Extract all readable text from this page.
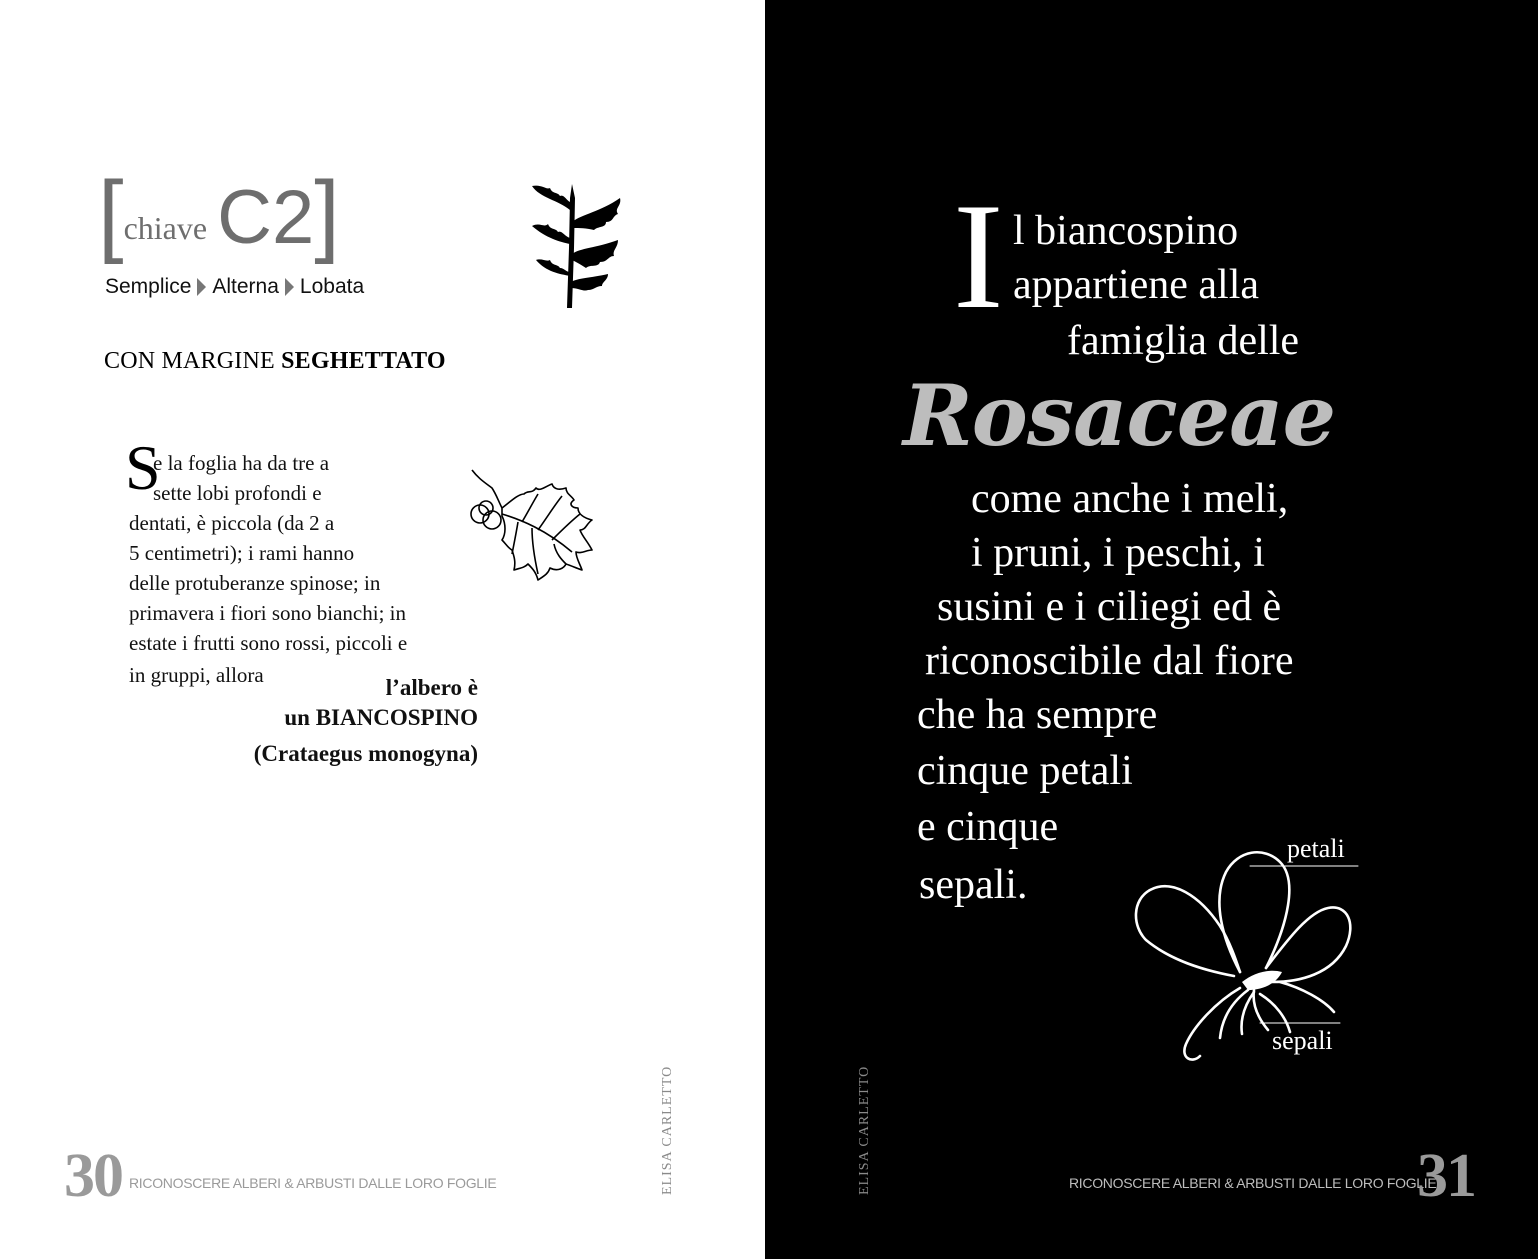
[chiave C2]
Semplice Alterna Lobata
CON MARGINE SEGHETTATO
S
e la foglia ha da tre a
sette lobi profondi e
dentati, è piccola (da 2 a
5 centimetri); i rami hanno
delle protuberanze spinose; in
primavera i fiori sono bianchi; in
estate i frutti sono rossi, piccoli e
in gruppi, allora	l’albero è
un BIANCOSPINO
(Crataegus monogyna)
ELISA CARLETTO
30 RICONOSCERE ALBERI & ARBUSTI DALLE LORO FOGLIE
I l biancospino
appartiene alla
famiglia delle
Rosaceae
come anche i meli,
i pruni, i peschi, i
susini e i ciliegi ed è
riconoscibile dal fiore
che ha sempre
cinque petali
e cinque
sepali.
petali
sepali
ELISA CARLETTO	RICONOSCERE ALBERI & ARBUSTI DALLE LORO FOGLIE
31
